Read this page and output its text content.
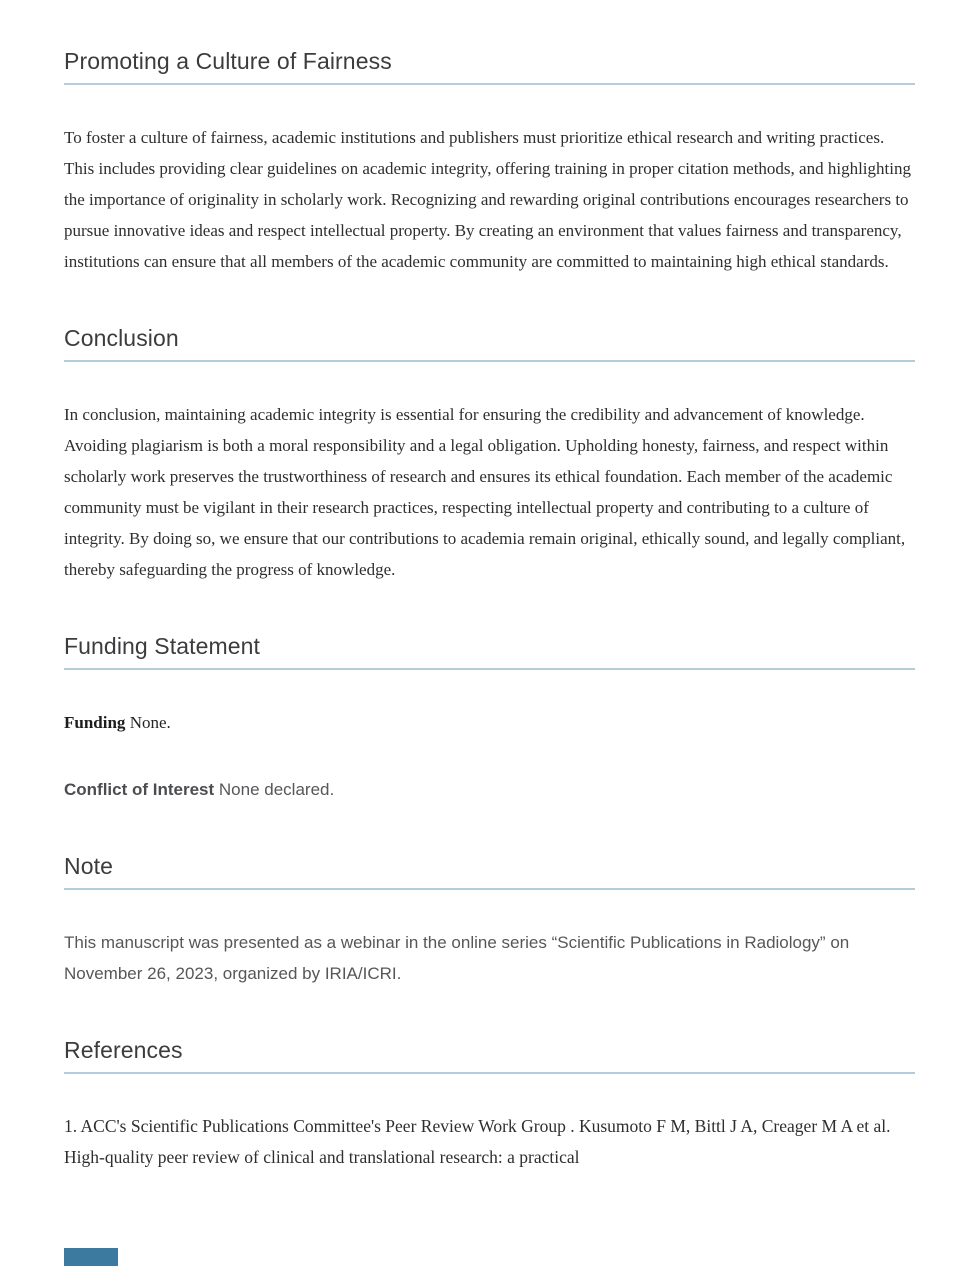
Promoting a Culture of Fairness

To foster a culture of fairness, academic institutions and publishers must prioritize ethical research and writing practices. This includes providing clear guidelines on academic integrity, offering training in proper citation methods, and highlighting the importance of originality in scholarly work. Recognizing and rewarding original contributions encourages researchers to pursue innovative ideas and respect intellectual property. By creating an environment that values fairness and transparency, institutions can ensure that all members of the academic community are committed to maintaining high ethical standards.

Conclusion

In conclusion, maintaining academic integrity is essential for ensuring the credibility and advancement of knowledge. Avoiding plagiarism is both a moral responsibility and a legal obligation. Upholding honesty, fairness, and respect within scholarly work preserves the trustworthiness of research and ensures its ethical foundation. Each member of the academic community must be vigilant in their research practices, respecting intellectual property and contributing to a culture of integrity. By doing so, we ensure that our contributions to academia remain original, ethically sound, and legally compliant, thereby safeguarding the progress of knowledge.

Funding Statement

Funding None.

Conflict of Interest None declared.

Note

This manuscript was presented as a webinar in the online series “Scientific Publications in Radiology” on November 26, 2023, organized by IRIA/ICRI.

References

1. ACC's Scientific Publications Committee's Peer Review Work Group . Kusumoto F M, Bittl J A, Creager M A et al. High-quality peer review of clinical and translational research: a practical
